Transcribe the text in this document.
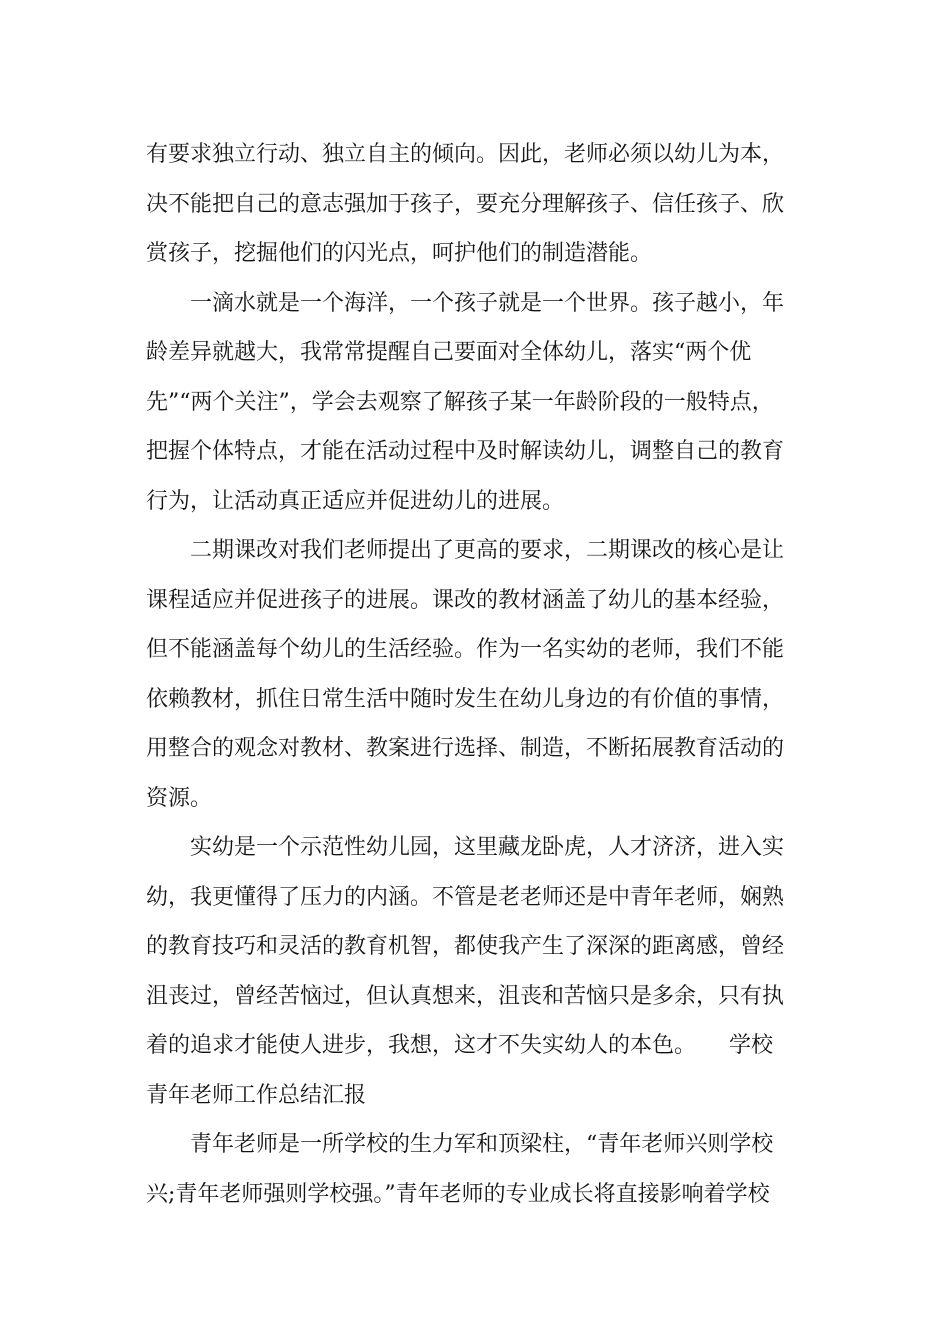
有要求独立行动、独立自主的倾向。因此，老师必须以幼儿为本，
决不能把自己的意志强加于孩子，要充分理解孩子、信任孩子、欣
赏孩子，挖掘他们的闪光点，呵护他们的制造潜能。
一滴水就是一个海洋，一个孩子就是一个世界。孩子越小，年
龄差异就越大，我常常提醒自己要面对全体幼儿，落实“两个优
先”“两个关注”，学会去观察了解孩子某一年龄阶段的一般特点，
把握个体特点，才能在活动过程中及时解读幼儿，调整自己的教育
行为，让活动真正适应并促进幼儿的进展。
二期课改对我们老师提出了更高的要求，二期课改的核心是让
课程适应并促进孩子的进展。课改的教材涵盖了幼儿的基本经验，
但不能涵盖每个幼儿的生活经验。作为一名实幼的老师，我们不能
依赖教材，抓住日常生活中随时发生在幼儿身边的有价值的事情，
用整合的观念对教材、教案进行选择、制造，不断拓展教育活动的
资源。
实幼是一个示范性幼儿园，这里藏龙卧虎，人才济济，进入实
幼，我更懂得了压力的内涵。不管是老老师还是中青年老师，娴熟
的教育技巧和灵活的教育机智，都使我产生了深深的距离感，曾经
沮丧过，曾经苦恼过，但认真想来，沮丧和苦恼只是多余，只有执
着的追求才能使人进步，我想，这才不失实幼人的本色。　　学校
青年老师工作总结汇报
青年老师是一所学校的生力军和顶梁柱，“青年老师兴则学校
兴;青年老师强则学校强。”青年老师的专业成长将直接影响着学校
